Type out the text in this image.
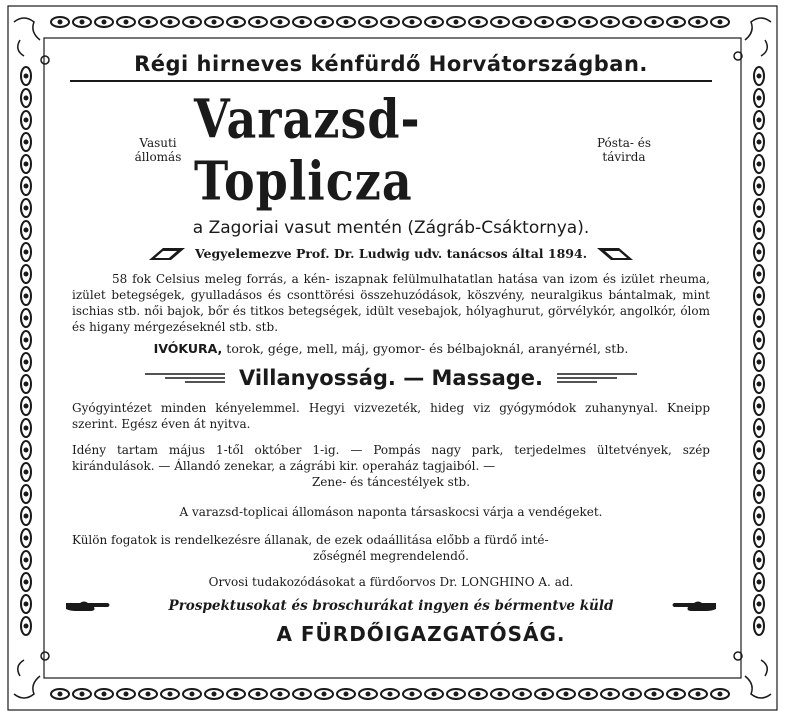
Régi hirneves kénfürdő Horvátországban.
Vasuti
állomás
Varazsd-Toplicza
Pósta- és
távirda
a Zagoriai vasut mentén (Zágráb-Csáktornya).
Vegyelemezve Prof. Dr. Ludwig udv. tanácsos által 1894.
58 fok Celsius meleg forrás, a kén- iszapnak felülmulhatatlan hatása van izom és izület rheuma, izület betegségek, gyulladásos és csonttörési összehuzódások, köszvény, neuralgikus bántalmak, mint ischias stb. női bajok, bőr és titkos betegségek, idült vesebajok, hólyaghurut, görvélykór, angolkór, ólom és higany mérgezéseknél stb. stb.
IVÓKURA, torok, gége, mell, máj, gyomor- és bélbajoknál, aranyérnél, stb.
Villanyosság. — Massage.
Gyógyintézet minden kényelemmel. Hegyi vizvezeték, hideg viz gyógymódok zuhanynyal. Kneipp szerint. Egész éven át nyitva.
Idény tartam május 1-től október 1-ig. — Pompás nagy park, terjedelmes ültetvények, szép kirándulások. — Állandó zenekar, a zágrábi kir. operaház tagjaiból. —
Zene- és táncestélyek stb.
A varazsd-toplicai állomáson naponta társaskocsi várja a vendégeket.
Külön fogatok is rendelkezésre állanak, de ezek odaállitása előbb a fürdő inté-
zőségnél megrendelendő.
Orvosi tudakozódásokat a fürdőorvos Dr. LONGHINO A. ad.
Prospektusokat és broschurákat ingyen és bérmentve küld
A FÜRDŐIGAZGATÓSÁG.
